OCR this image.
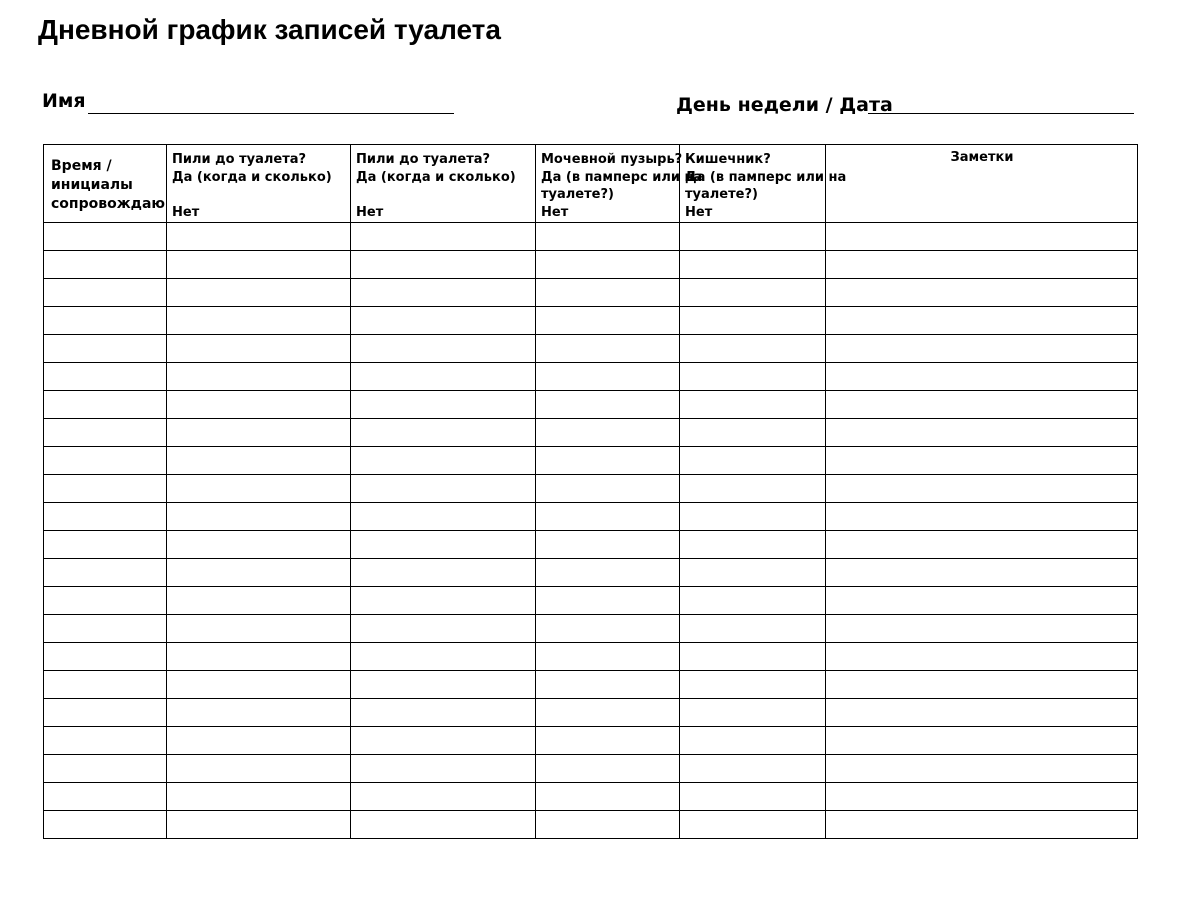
Дневной график записей туалета
Имя	День недели / Дата
Время /
инициалы
сопровождаю	Пили до туалета?
Да (когда и сколько)
Нет	Пили до туалета?
Да (когда и сколько)
Нет	Мочевной пузырь?
Да (в памперс или на
туалете?)
Нет	Кишечник?
Да (в памперс или на
туалете?)
Нет	Заметки
